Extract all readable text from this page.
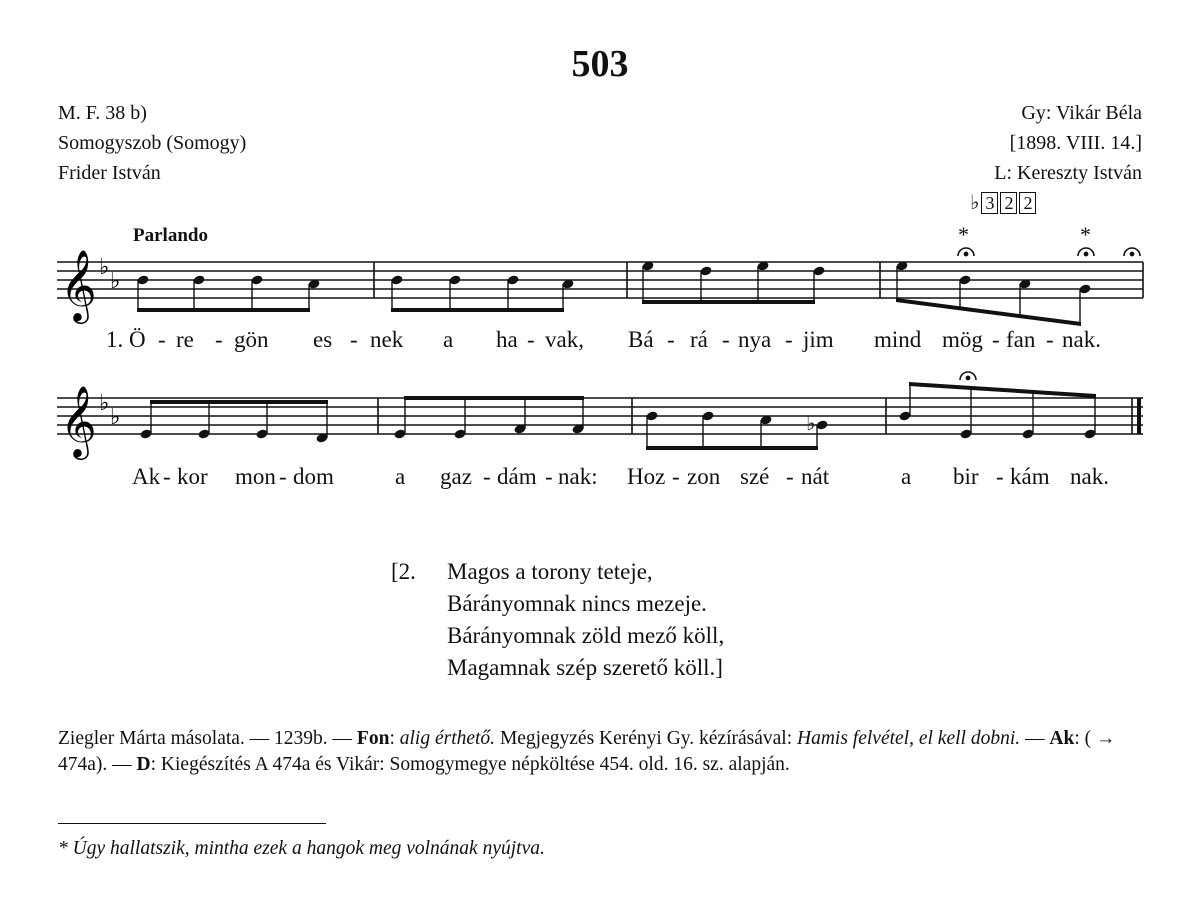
503
M. F. 38 b)
Somogyszob (Somogy)
Frider István
Gy: Vikár Béla
[1898. VIII. 14.]
L: Kereszty István
♭ 3 2 2
Parlando	*	*
𝄞 ♭
♭
1. Ö - re - gön es - nek a ha - vak, Bá - rá - nya - jim mind mög - fan - nak.
𝄞 ♭
♭	♭
Ak - kor mon - dom	a gaz - dám - nak: Hoz - zon szé - nát	a bir - kám nak.
[2. Magos a torony teteje,
Bárányomnak nincs mezeje.
Bárányomnak zöld mező köll,
Magamnak szép szerető köll.]
Ziegler Márta másolata. — 1239b. — Fon: alig érthető. Megjegyzés Kerényi Gy. kézírásával: Hamis felvétel, el kell dobni. — Ak: ( → 474a). — D: Kiegészítés A 474a és Vikár: Somogymegye népköltése 454. old. 16. sz. alapján.
* Úgy hallatszik, mintha ezek a hangok meg volnának nyújtva.
